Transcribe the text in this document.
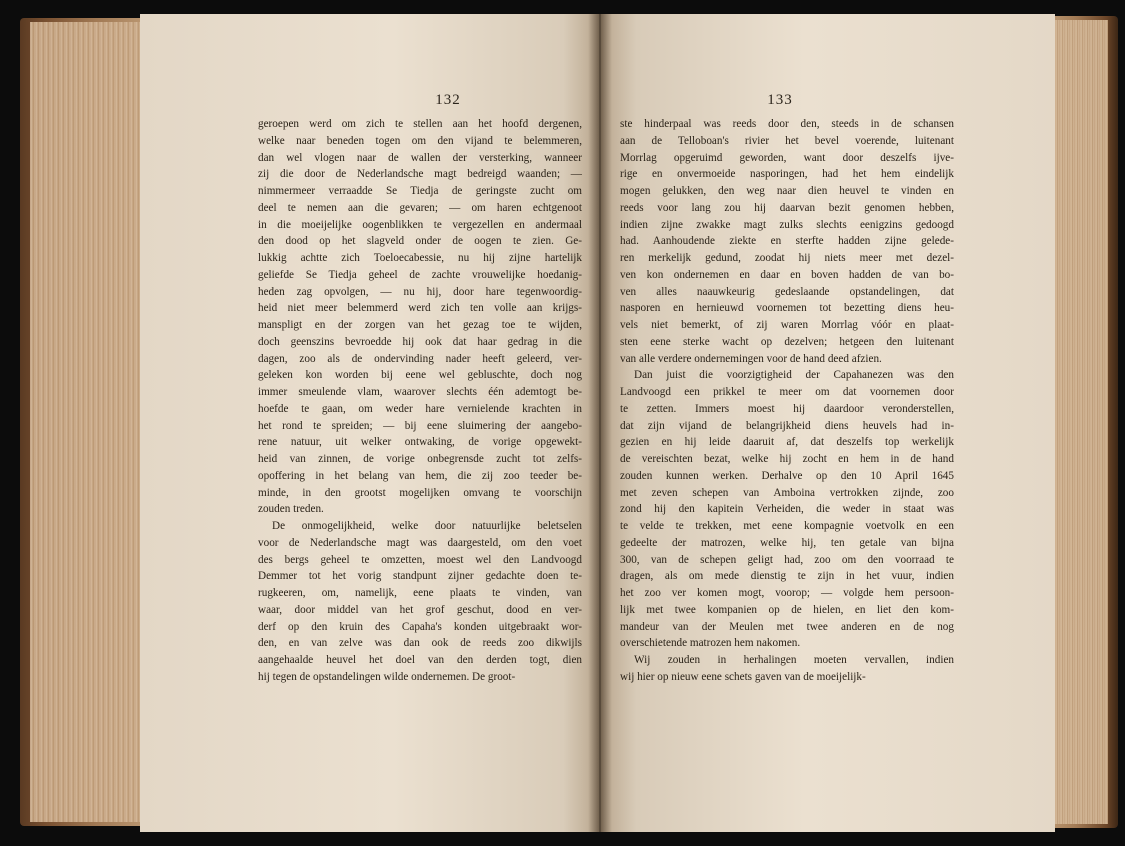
132
geroepen werd om zich te stellen aan het hoofd dergenen,
welke naar beneden togen om den vijand te belemmeren,
dan wel vlogen naar de wallen der versterking, wanneer
zij die door de Nederlandsche magt bedreigd waanden; —
nimmermeer verraadde Se Tiedja de geringste zucht om
deel te nemen aan die gevaren; — om haren echtgenoot
in die moeijelijke oogenblikken te vergezellen en andermaal
den dood op het slagveld onder de oogen te zien. Ge-
lukkig achtte zich Toeloecabessie, nu hij zijne hartelijk
geliefde Se Tiedja geheel de zachte vrouwelijke hoedanig-
heden zag opvolgen, — nu hij, door hare tegenwoordig-
heid niet meer belemmerd werd zich ten volle aan krijgs-
manspligt en der zorgen van het gezag toe te wijden,
doch geenszins bevroedde hij ook dat haar gedrag in die
dagen, zoo als de ondervinding nader heeft geleerd, ver-
geleken kon worden bij eene wel gebluschte, doch nog
immer smeulende vlam, waarover slechts één ademtogt be-
hoefde te gaan, om weder hare vernielende krachten in
het rond te spreiden; — bij eene sluimering der aangebo-
rene natuur, uit welker ontwaking, de vorige opgewekt-
heid van zinnen, de vorige onbegrensde zucht tot zelfs-
opoffering in het belang van hem, die zij zoo teeder be-
minde, in den grootst mogelijken omvang te voorschijn
zouden treden.
De onmogelijkheid, welke door natuurlijke beletselen
voor de Nederlandsche magt was daargesteld, om den voet
des bergs geheel te omzetten, moest wel den Landvoogd
Demmer tot het vorig standpunt zijner gedachte doen te-
rugkeeren, om, namelijk, eene plaats te vinden, van
waar, door middel van het grof geschut, dood en ver-
derf op den kruin des Capaha's konden uitgebraakt wor-
den, en van zelve was dan ook de reeds zoo dikwijls
aangehaalde heuvel het doel van den derden togt, dien
hij tegen de opstandelingen wilde ondernemen. De groot-
133
ste hinderpaal was reeds door den, steeds in de schansen
aan de Telloboan's rivier het bevel voerende, luitenant
Morrlag opgeruimd geworden, want door deszelfs ijve-
rige en onvermoeide nasporingen, had het hem eindelijk
mogen gelukken, den weg naar dien heuvel te vinden en
reeds voor lang zou hij daarvan bezit genomen hebben,
indien zijne zwakke magt zulks slechts eenigzins gedoogd
had. Aanhoudende ziekte en sterfte hadden zijne gelede-
ren merkelijk gedund, zoodat hij niets meer met dezel-
ven kon ondernemen en daar en boven hadden de van bo-
ven alles naauwkeurig gedeslaande opstandelingen, dat
nasporen en hernieuwd voornemen tot bezetting diens heu-
vels niet bemerkt, of zij waren Morrlag vóór en plaat-
sten eene sterke wacht op dezelven; hetgeen den luitenant
van alle verdere ondernemingen voor de hand deed afzien.
Dan juist die voorzigtigheid der Capahanezen was den
Landvoogd een prikkel te meer om dat voornemen door
te zetten. Immers moest hij daardoor veronderstellen,
dat zijn vijand de belangrijkheid diens heuvels had in-
gezien en hij leide daaruit af, dat deszelfs top werkelijk
de vereischten bezat, welke hij zocht en hem in de hand
zouden kunnen werken. Derhalve op den 10 April 1645
met zeven schepen van Amboina vertrokken zijnde, zoo
zond hij den kapitein Verheiden, die weder in staat was
te velde te trekken, met eene kompagnie voetvolk en een
gedeelte der matrozen, welke hij, ten getale van bijna
300, van de schepen geligt had, zoo om den voorraad te
dragen, als om mede dienstig te zijn in het vuur, indien
het zoo ver komen mogt, voorop; — volgde hem persoon-
lijk met twee kompanien op de hielen, en liet den kom-
mandeur van der Meulen met twee anderen en de nog
overschietende matrozen hem nakomen.
Wij zouden in herhalingen moeten vervallen, indien
wij hier op nieuw eene schets gaven van de moeijelijk-
